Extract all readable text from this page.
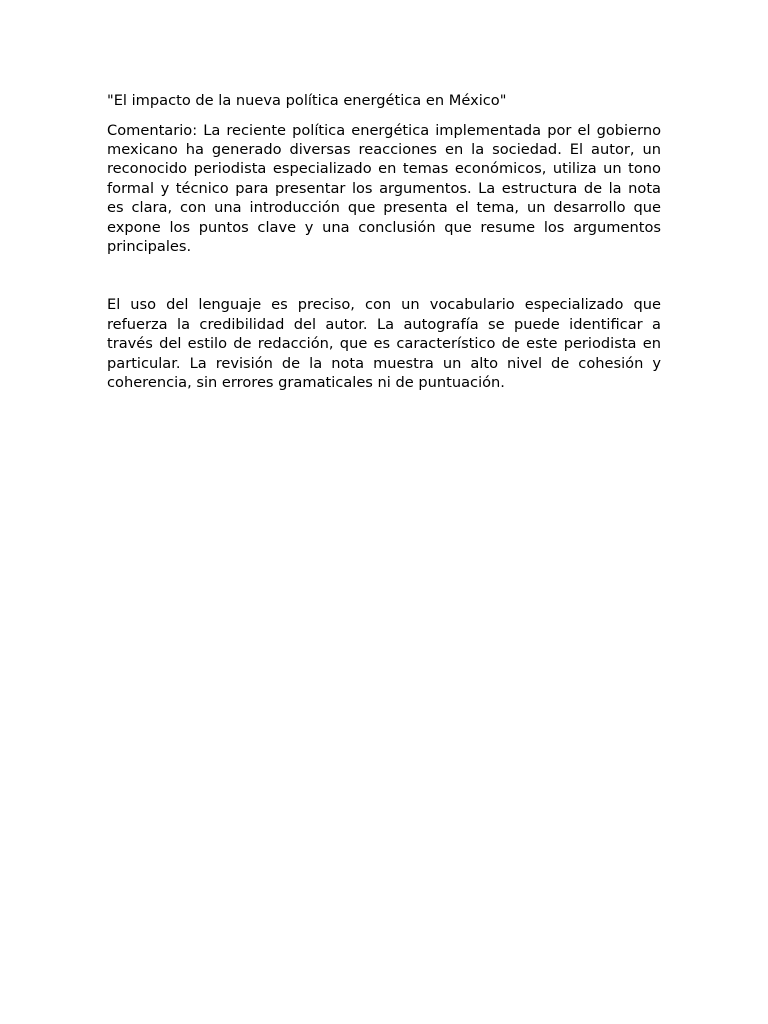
"El impacto de la nueva política energética en México"

Comentario: La reciente política energética implementada por el gobierno mexicano ha generado diversas reacciones en la sociedad. El autor, un reconocido periodista especializado en temas económicos, utiliza un tono formal y técnico para presentar los argumentos. La estructura de la nota es clara, con una introducción que presenta el tema, un desarrollo que expone los puntos clave y una conclusión que resume los argumentos principales.

El uso del lenguaje es preciso, con un vocabulario especializado que refuerza la credibilidad del autor. La autografía se puede identificar a través del estilo de redacción, que es característico de este periodista en particular. La revisión de la nota muestra un alto nivel de cohesión y coherencia, sin errores gramaticales ni de puntuación.
